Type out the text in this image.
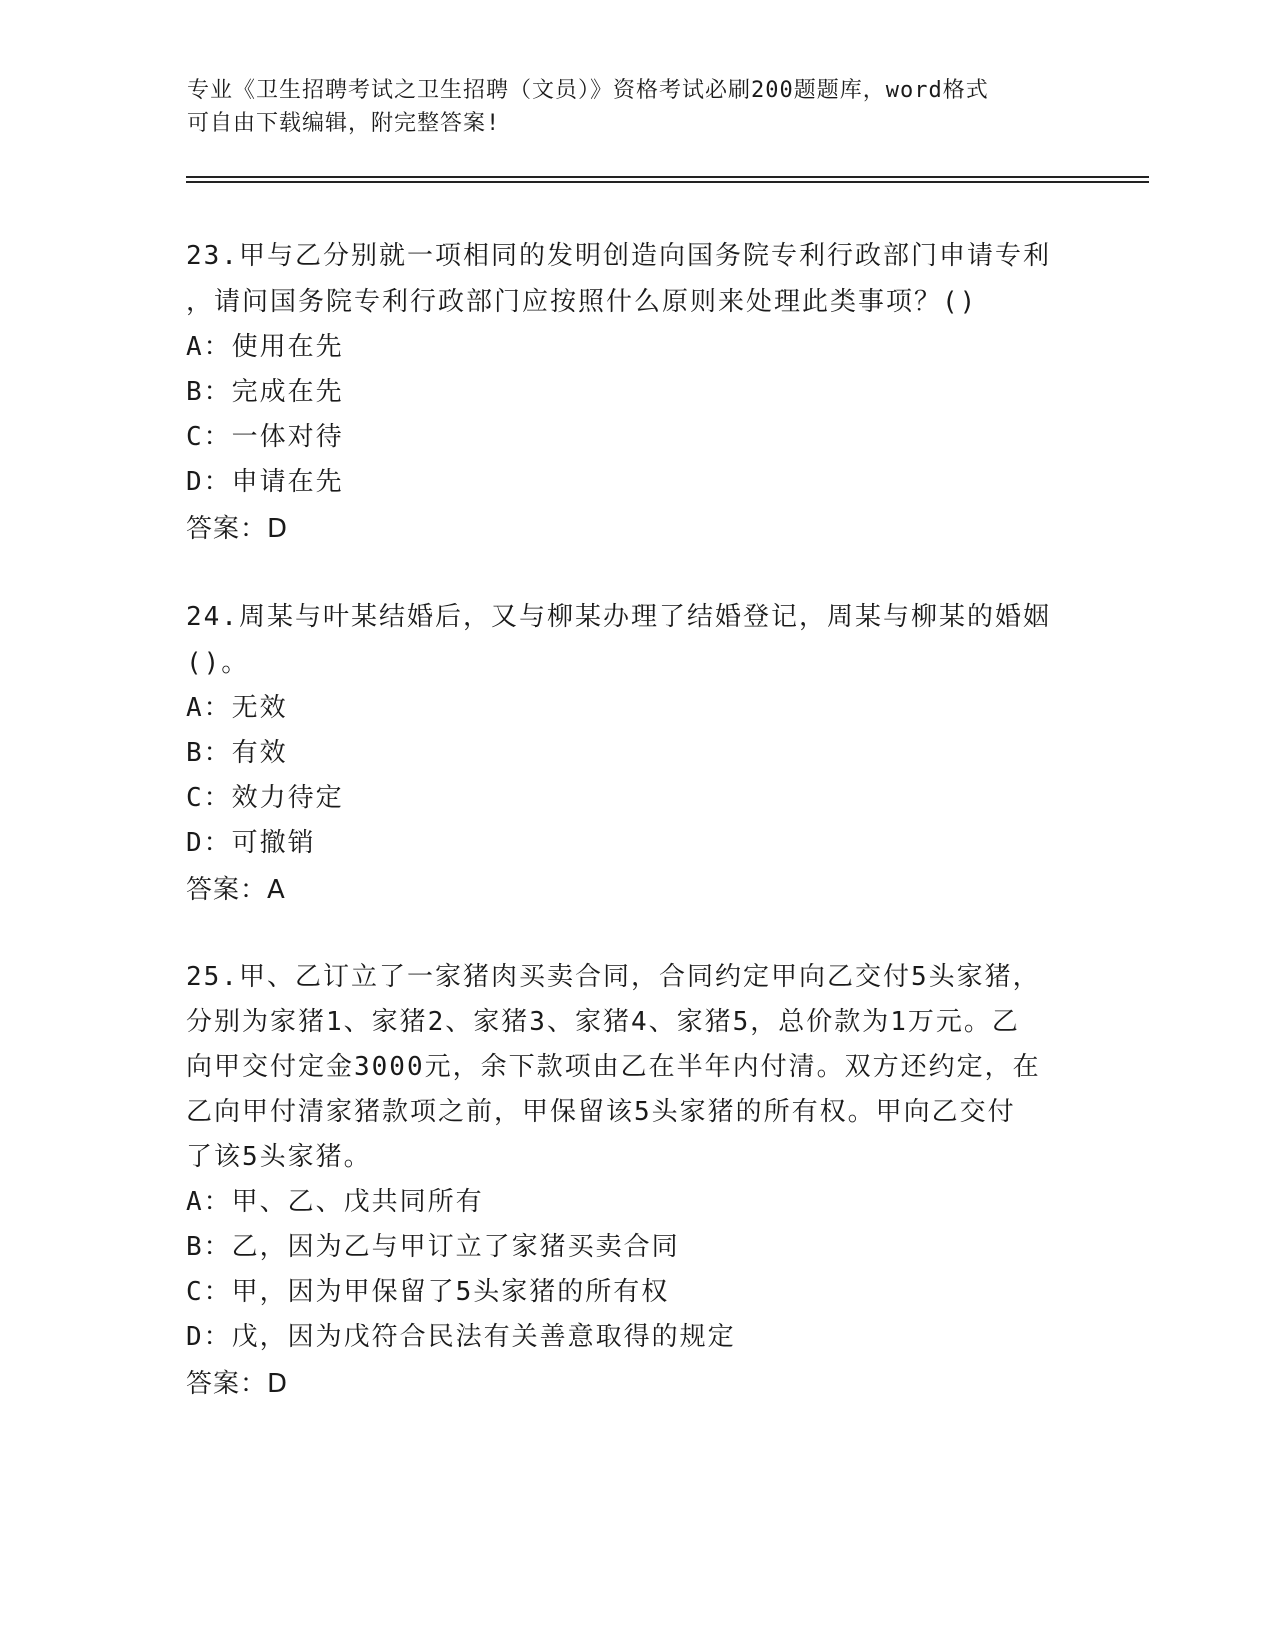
专业《卫生招聘考试之卫生招聘（文员）》资格考试必刷200题题库，word格式
可自由下载编辑，附完整答案!
23.甲与乙分别就一项相同的发明创造向国务院专利行政部门申请专利
，请问国务院专利行政部门应按照什么原则来处理此类事项？()
A：使用在先
B：完成在先
C：一体对待
D：申请在先
答案：D
24.周某与叶某结婚后，又与柳某办理了结婚登记，周某与柳某的婚姻
()。
A：无效
B：有效
C：效力待定
D：可撤销
答案：A
25.甲、乙订立了一家猪肉买卖合同，合同约定甲向乙交付5头家猪，
分别为家猪1、家猪2、家猪3、家猪4、家猪5，总价款为1万元。乙
向甲交付定金3000元，余下款项由乙在半年内付清。双方还约定，在
乙向甲付清家猪款项之前，甲保留该5头家猪的所有权。甲向乙交付
了该5头家猪。
A：甲、乙、戊共同所有
B：乙，因为乙与甲订立了家猪买卖合同
C：甲，因为甲保留了5头家猪的所有权
D：戊，因为戊符合民法有关善意取得的规定
答案：D
